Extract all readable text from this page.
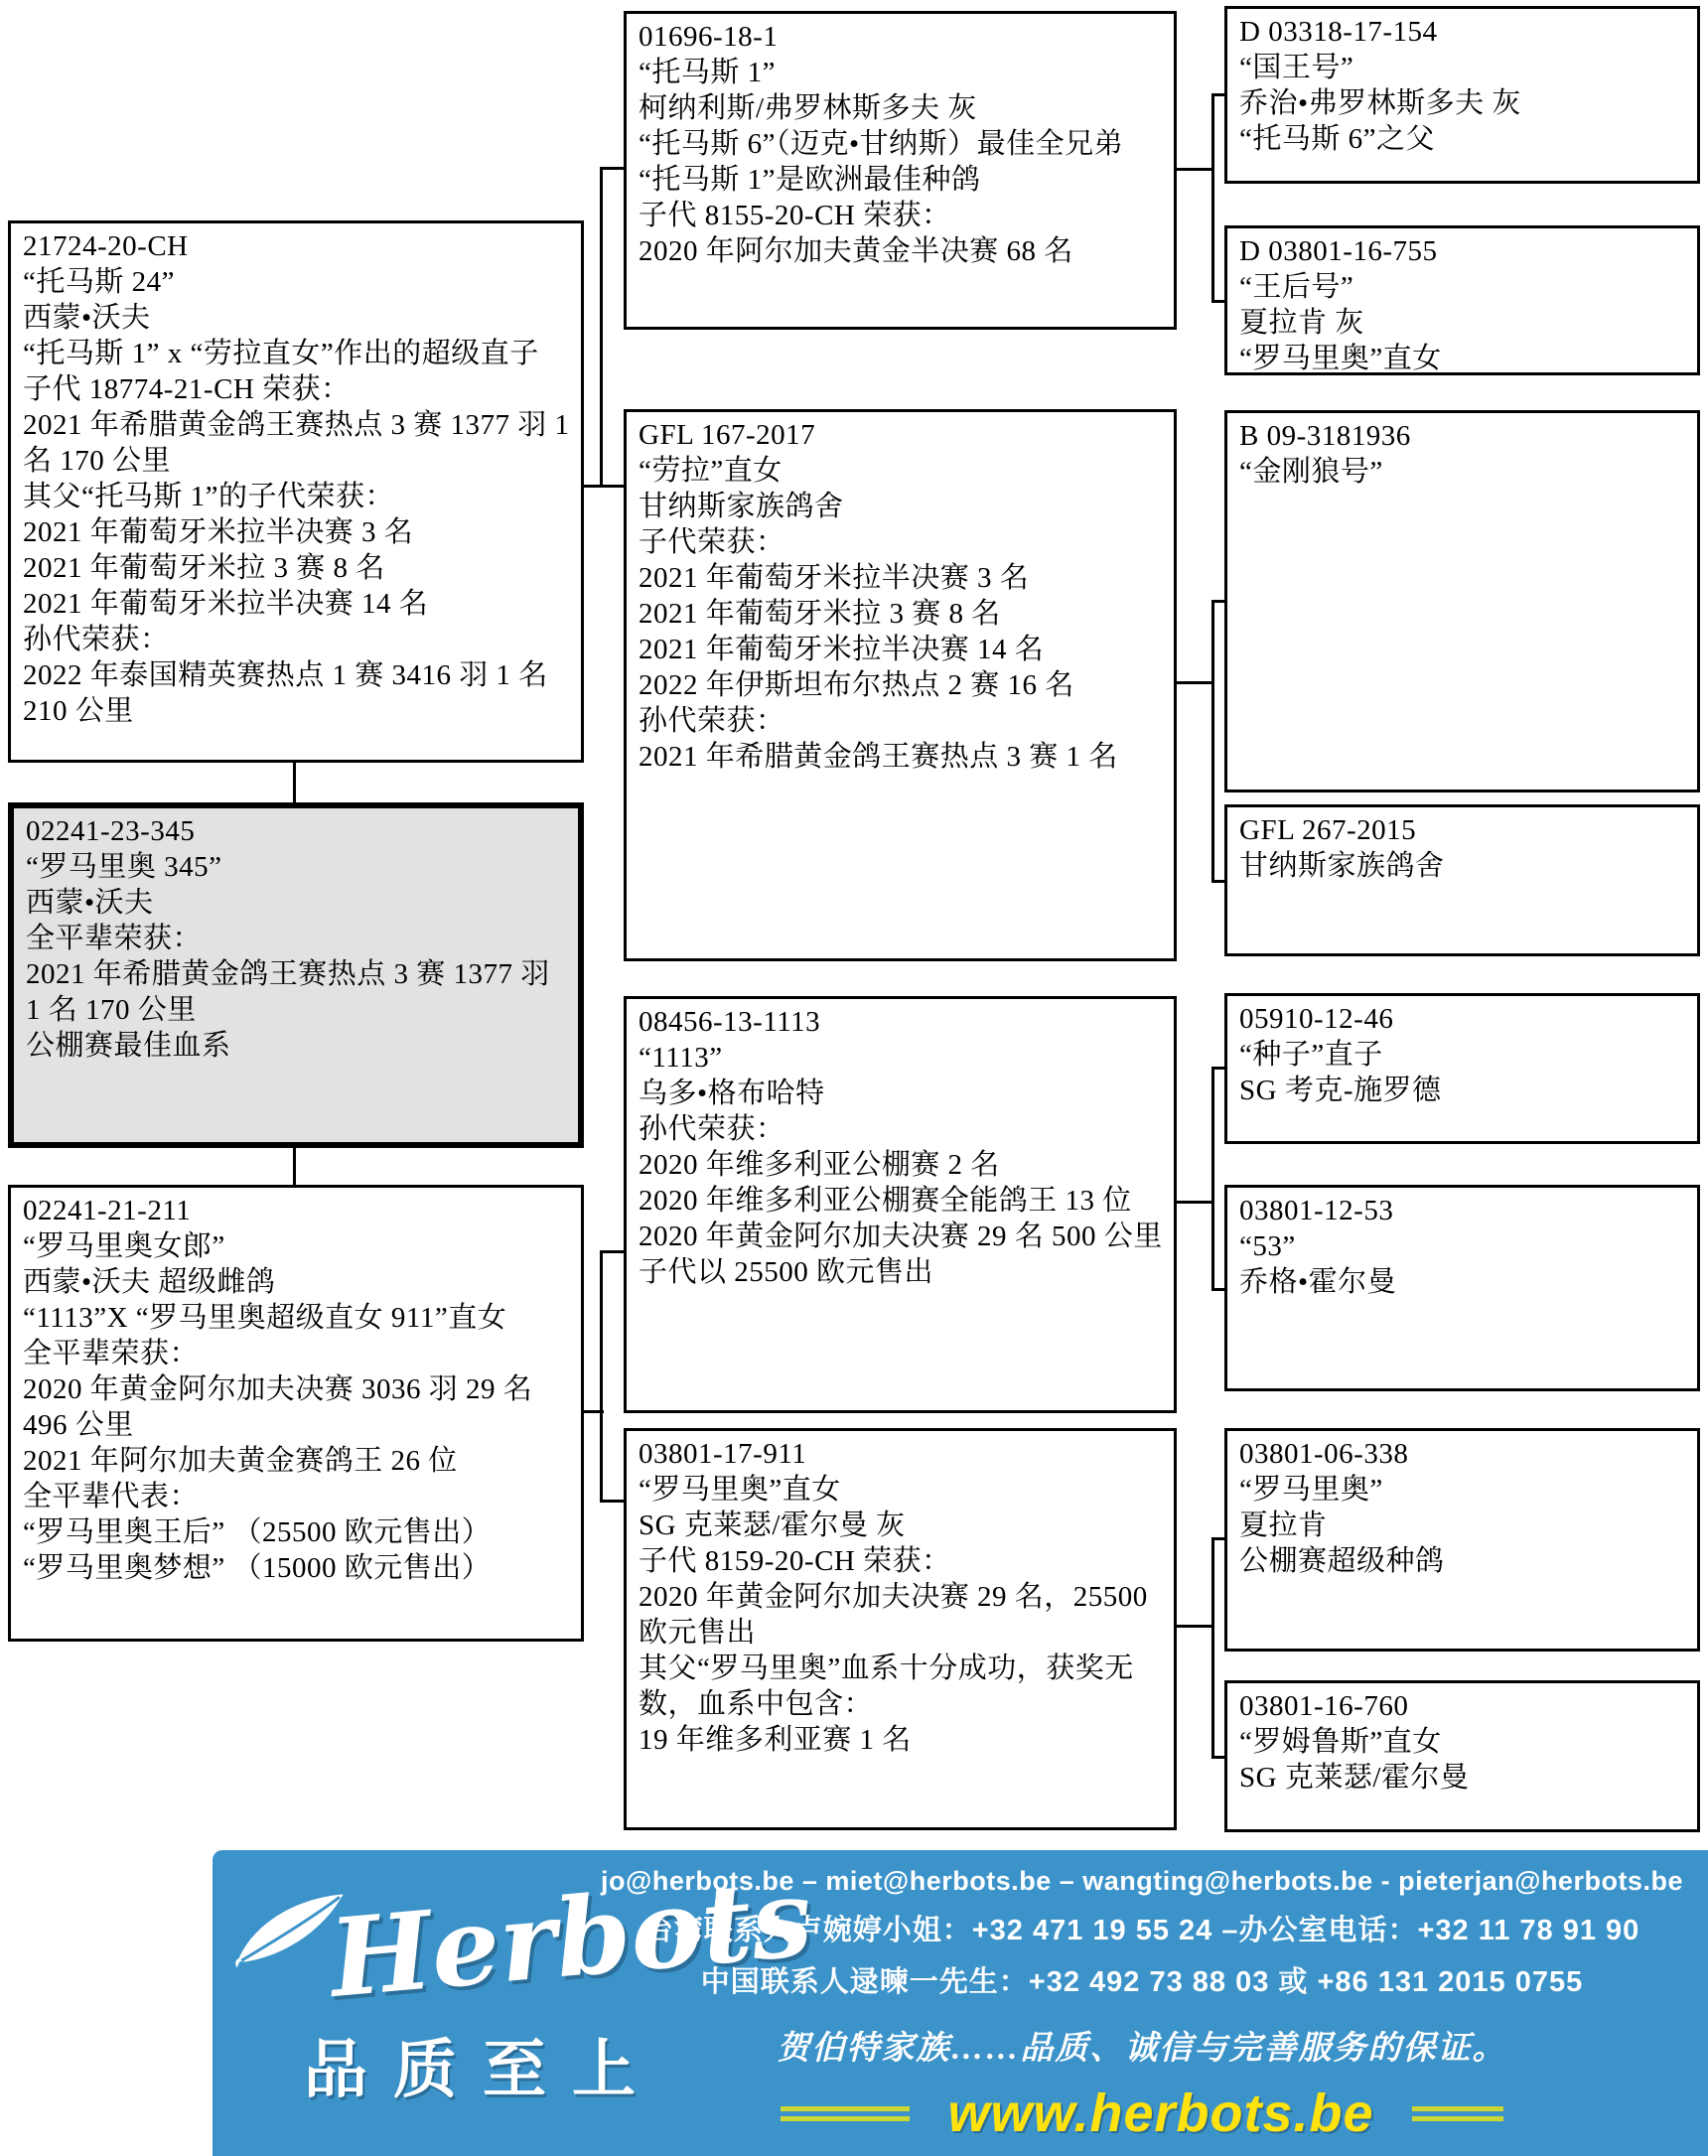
21724-20-CH
“托马斯 24”
西蒙•沃夫
“托马斯 1” x “劳拉直女”作出的超级直子
子代 18774-21-CH 荣获：
2021 年希腊黄金鸽王赛热点 3 赛 1377 羽 1 名 170 公里
其父“托马斯 1”的子代荣获：
2021 年葡萄牙米拉半决赛 3 名
2021 年葡萄牙米拉 3 赛 8 名
2021 年葡萄牙米拉半决赛 14 名
孙代荣获：
2022 年泰国精英赛热点 1 赛 3416 羽 1 名 210 公里
02241-23-345
“罗马里奥 345”
西蒙•沃夫
全平辈荣获：
2021 年希腊黄金鸽王赛热点 3 赛 1377 羽 1 名 170 公里
公棚赛最佳血系
02241-21-211
“罗马里奥女郎”
西蒙•沃夫 超级雌鸽
“1113”X “罗马里奥超级直女 911”直女
全平辈荣获：
2020 年黄金阿尔加夫决赛 3036 羽 29 名 496 公里
2021 年阿尔加夫黄金赛鸽王 26 位
全平辈代表：
“罗马里奥王后” （25500 欧元售出）
“罗马里奥梦想” （15000 欧元售出）
01696-18-1
“托马斯 1”
柯纳利斯/弗罗林斯多夫 灰
“托马斯 6”（迈克•甘纳斯）最佳全兄弟
“托马斯 1”是欧洲最佳种鸽
子代 8155-20-CH 荣获：
2020 年阿尔加夫黄金半决赛 68 名
GFL 167-2017
“劳拉”直女
甘纳斯家族鸽舍
子代荣获：
2021 年葡萄牙米拉半决赛 3 名
2021 年葡萄牙米拉 3 赛 8 名
2021 年葡萄牙米拉半决赛 14 名
2022 年伊斯坦布尔热点 2 赛 16 名
孙代荣获：
2021 年希腊黄金鸽王赛热点 3 赛 1 名
08456-13-1113
“1113”
乌多•格布哈特
孙代荣获：
2020 年维多利亚公棚赛 2 名
2020 年维多利亚公棚赛全能鸽王 13 位
2020 年黄金阿尔加夫决赛 29 名 500 公里
子代以 25500 欧元售出
03801-17-911
“罗马里奥”直女
SG 克莱瑟/霍尔曼 灰
子代 8159-20-CH 荣获：
2020 年黄金阿尔加夫决赛 29 名，25500 欧元售出
其父“罗马里奥”血系十分成功，获奖无数，血系中包含：
19 年维多利亚赛 1 名
D 03318-17-154
“国王号”
乔治•弗罗林斯多夫 灰
“托马斯 6”之父
D 03801-16-755
“王后号”
夏拉肯 灰
“罗马里奥”直女
B 09-3181936
“金刚狼号”
GFL 267-2015
甘纳斯家族鸽舍
05910-12-46
“种子”直子
SG 考克-施罗德
03801-12-53
“53”
乔格•霍尔曼
03801-06-338
“罗马里奥”
夏拉肯
公棚赛超级种鸽
03801-16-760
“罗姆鲁斯”直女
SG 克莱瑟/霍尔曼
Herbots
品质至上
jo@herbots.be – miet@herbots.be – wangting@herbots.be - pieterjan@herbots.be
台湾联系人卢婉婷小姐：+32 471 19 55 24 –办公室电话：+32 11 78 91 90
中国联系人逯暕一先生：+32 492 73 88 03 或 +86 131 2015 0755
贺伯特家族……品质、诚信与完善服务的保证。
www.herbots.be
